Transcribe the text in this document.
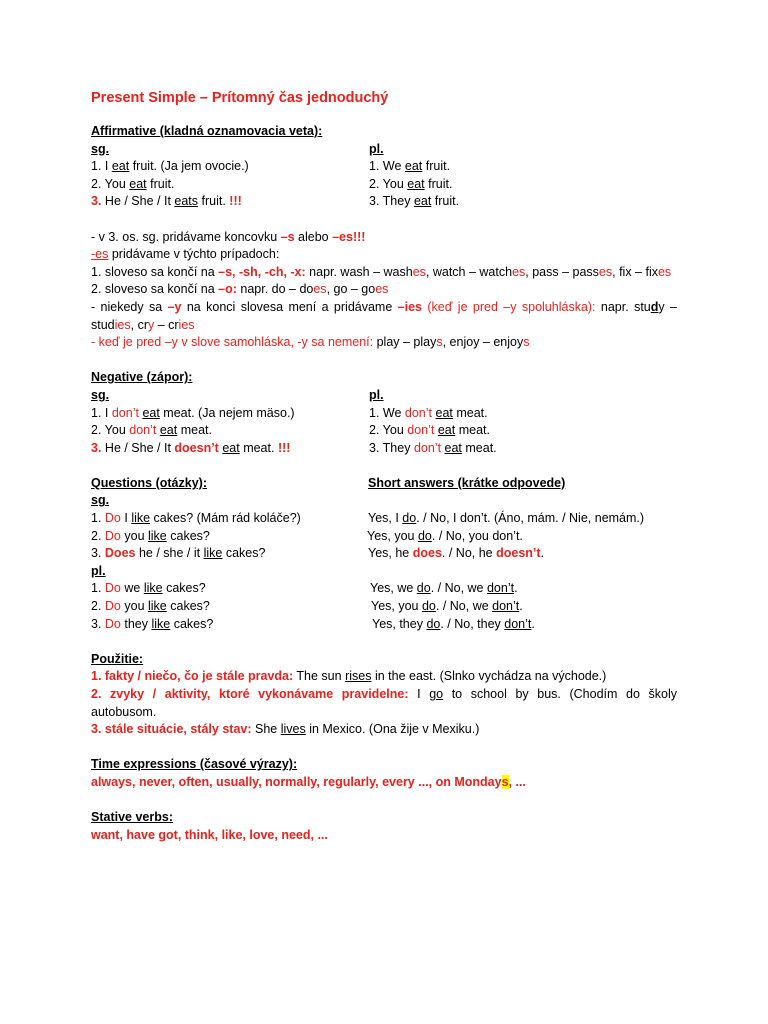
Present Simple – Prítomný čas jednoduchý
Affirmative (kladná oznamovacia veta):
sg.	pl.
1. I eat fruit. (Ja jem ovocie.)	1. We eat fruit.
2. You eat fruit.	2. You eat fruit.
3. He / She / It eats fruit. !!!	3. They eat fruit.
- v 3. os. sg. pridávame koncovku –s alebo –es!!!
-es pridávame v týchto prípadoch:
1. sloveso sa končí na –s, -sh, -ch, -x: napr. wash – washes, watch – watches, pass – passes, fix – fixes
2. sloveso sa končí na –o: napr. do – does, go – goes
- niekedy sa –y na konci slovesa mení a pridávame –ies (keď je pred –y spoluhláska): napr. study –
studies, cry – cries
- keď je pred –y v slove samohláska, -y sa nemení: play – plays, enjoy – enjoys
Negative (zápor):
sg.	pl.
1. I don’t eat meat. (Ja nejem mäso.)	1. We don’t eat meat.
2. You don’t eat meat.	2. You don’t eat meat.
3. He / She / It doesn’t eat meat. !!!	3. They don’t eat meat.
Questions (otázky):	Short answers (krátke odpovede)
sg.
1. Do I like cakes? (Mám rád koláče?)	Yes, I do. / No, I don’t. (Áno, mám. / Nie, nemám.)
2. Do you like cakes?	Yes, you do. / No, you don’t.
3. Does he / she / it like cakes?	Yes, he does. / No, he doesn’t.
pl.
1. Do we like cakes?	Yes, we do. / No, we don’t.
2. Do you like cakes?	Yes, you do. / No, we don’t.
3. Do they like cakes?	Yes, they do. / No, they don’t.
Použitie:
1. fakty / niečo, čo je stále pravda: The sun rises in the east. (Slnko vychádza na východe.)
2. zvyky / aktivity, ktoré vykonávame pravidelne: I go to school by bus. (Chodím do školy
autobusom.
3. stále situácie, stály stav: She lives in Mexico. (Ona žije v Mexiku.)
Time expressions (časové výrazy):
always, never, often, usually, normally, regularly, every ..., on Mondays, ...
Stative verbs:
want, have got, think, like, love, need, ...
